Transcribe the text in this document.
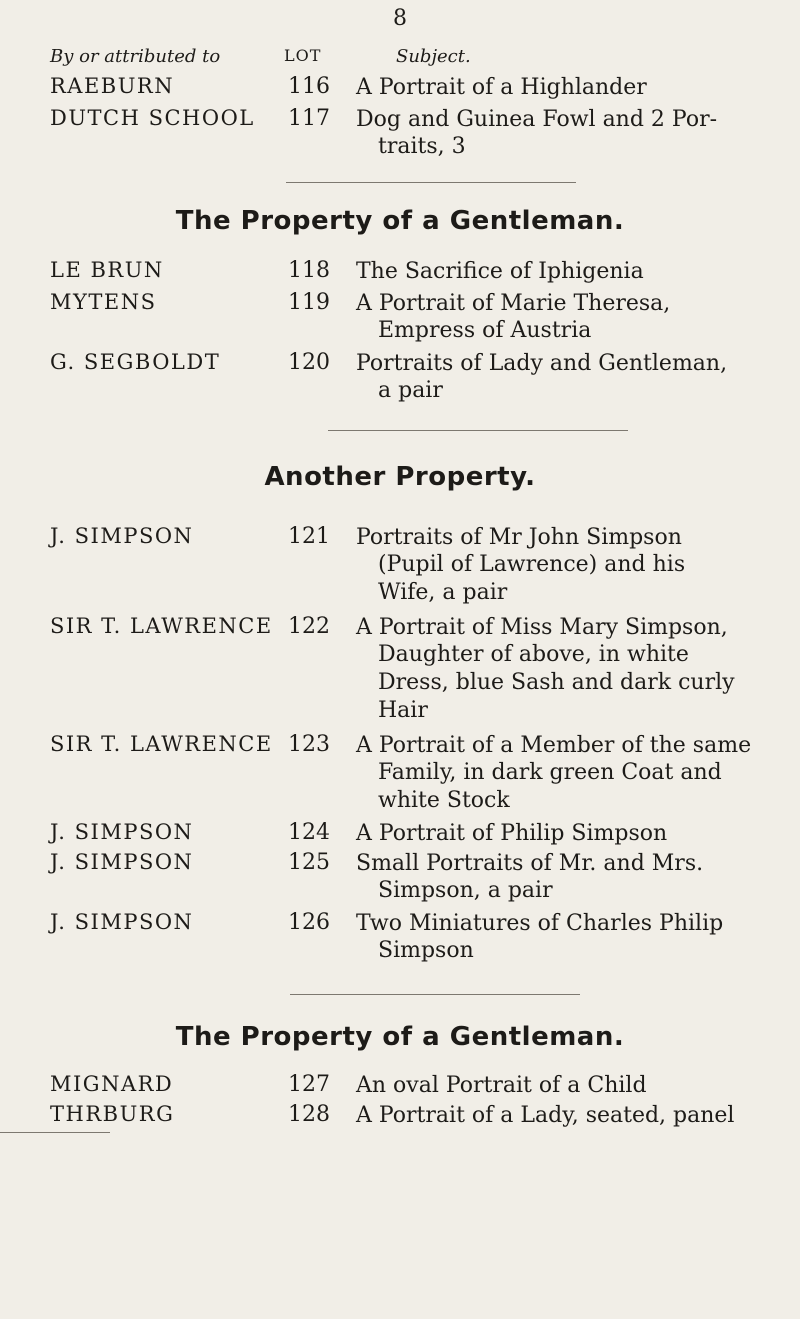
8
By or attributed to	LOT	Subject.
RAEBURN	116 A Portrait of a Highlander
DUTCH SCHOOL	117 Dog and Guinea Fowl and 2 Por-
traits, 3
The Property of a Gentleman.
LE BRUN	118 The Sacrifice of Iphigenia
MYTENS	119 A Portrait of Marie Theresa,
Empress of Austria
G. SEGBOLDT	120 Portraits of Lady and Gentleman,
a pair
Another Property.
J. SIMPSON	121 Portraits of Mr John Simpson
(Pupil of Lawrence) and his
Wife, a pair
SIR T. LAWRENCE 122 A Portrait of Miss Mary Simpson,
Daughter of above, in white
Dress, blue Sash and dark curly
Hair
SIR T. LAWRENCE 123 A Portrait of a Member of the same
Family, in dark green Coat and
white Stock
J. SIMPSON	124 A Portrait of Philip Simpson
J. SIMPSON	125 Small Portraits of Mr. and Mrs.
Simpson, a pair
J. SIMPSON	126 Two Miniatures of Charles Philip
Simpson
The Property of a Gentleman.
MIGNARD	127 An oval Portrait of a Child
THRBURG	128 A Portrait of a Lady, seated, panel
